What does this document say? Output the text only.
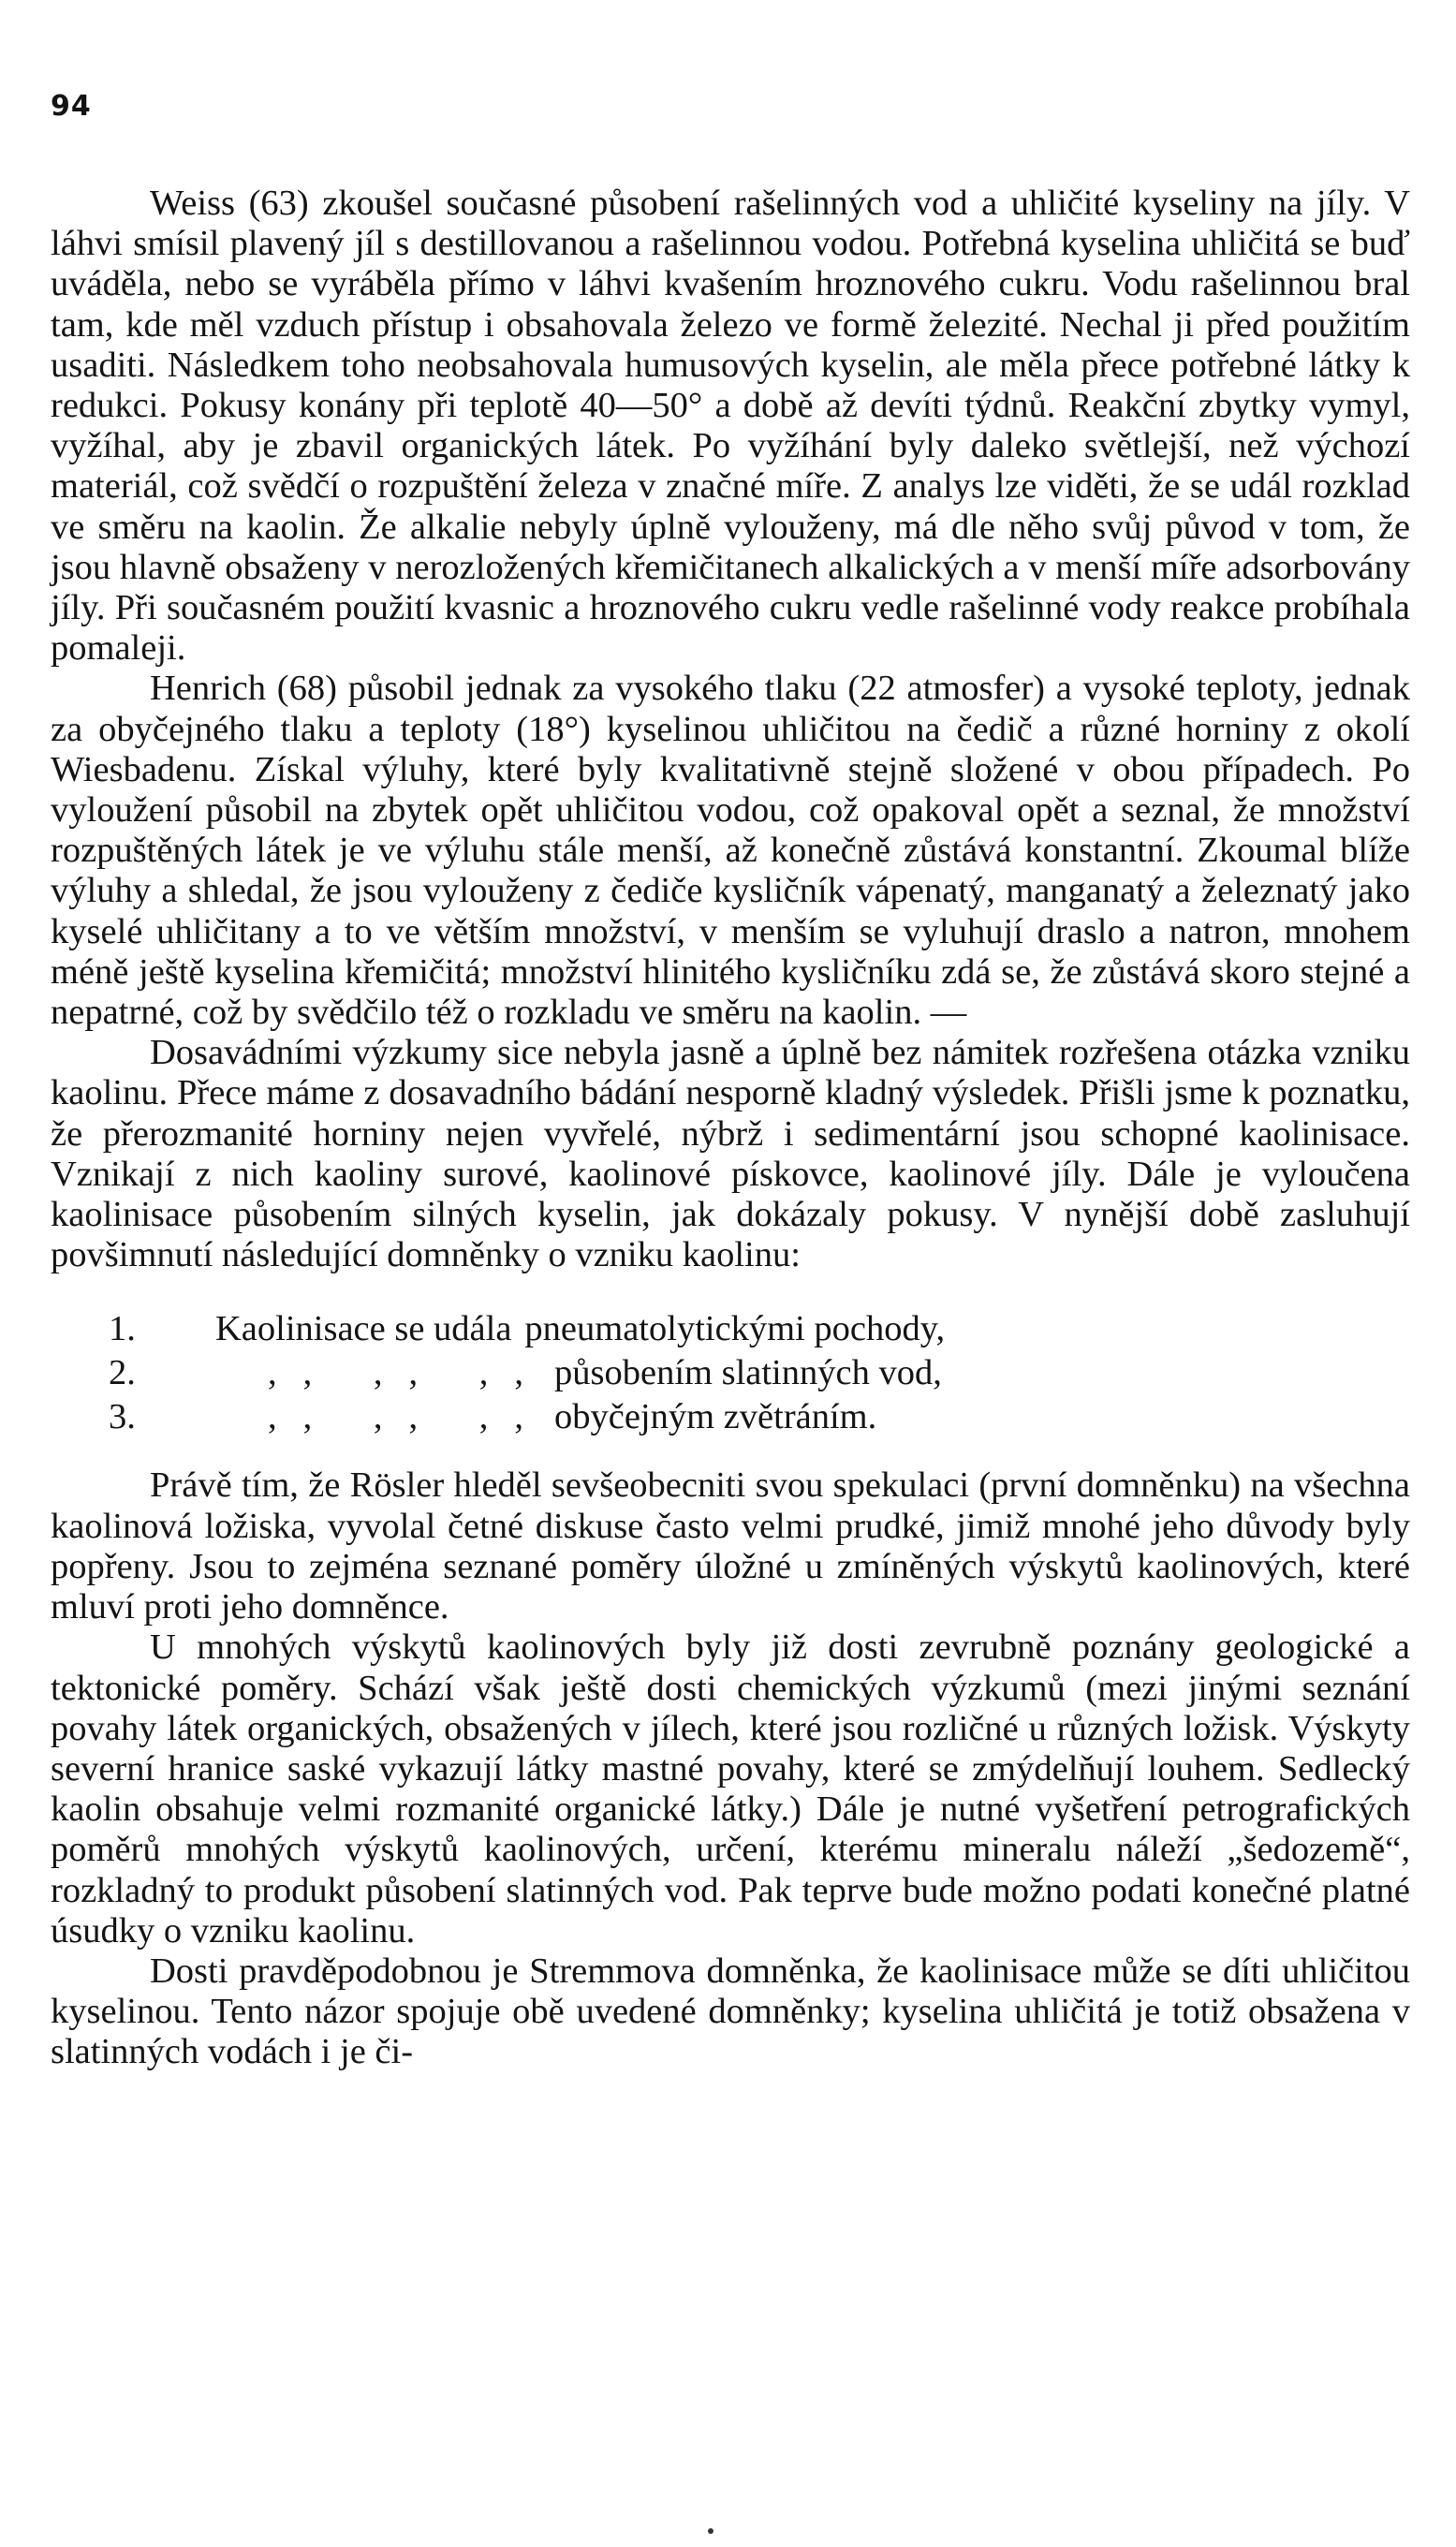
94

Weiss (63) zkoušel současné působení rašelinných vod a uhličité kyseliny na jíly. V láhvi smísil plavený jíl s destillovanou a rašelinnou vodou. Potřebná kyselina uhličitá se buď uváděla, nebo se vyráběla přímo v láhvi kvašením hroznového cukru. Vodu rašelinnou bral tam, kde měl vzduch přístup i obsahovala železo ve formě železité. Nechal ji před použitím usaditi. Následkem toho neobsahovala humusových kyselin, ale měla přece potřebné látky k redukci. Pokusy konány při teplotě 40—50° a době až devíti týdnů. Reakční zbytky vymyl, vyžíhal, aby je zbavil organických látek. Po vyžíhání byly daleko světlejší, než výchozí materiál, což svědčí o rozpuštění železa v značné míře. Z analys lze viděti, že se udál rozklad ve směru na kaolin. Že alkalie nebyly úplně vylouženy, má dle něho svůj původ v tom, že jsou hlavně obsaženy v nerozložených křemičitanech alkalických a v menší míře adsorbovány jíly. Při současném použití kvasnic a hroznového cukru vedle rašelinné vody reakce probíhala pomaleji.

Henrich (68) působil jednak za vysokého tlaku (22 atmosfer) a vysoké teploty, jednak za obyčejného tlaku a teploty (18°) kyselinou uhličitou na čedič a různé horniny z okolí Wiesbadenu. Získal výluhy, které byly kvalitativně stejně složené v obou případech. Po vyloužení působil na zbytek opět uhličitou vodou, což opakoval opět a seznal, že množství rozpuštěných látek je ve výluhu stále menší, až konečně zůstává konstantní. Zkoumal blíže výluhy a shledal, že jsou vylouženy z čediče kysličník vápenatý, manganatý a železnatý jako kyselé uhličitany a to ve větším množství, v menším se vyluhují draslo a natron, mnohem méně ještě kyselina křemičitá; množství hlinitého kysličníku zdá se, že zůstává skoro stejné a nepatrné, což by svědčilo též o rozkladu ve směru na kaolin. —

Dosavádními výzkumy sice nebyla jasně a úplně bez námitek rozřešena otázka vzniku kaolinu. Přece máme z dosavadního bádání nesporně kladný výsledek. Přišli jsme k poznatku, že přerozmanité horniny nejen vyvřelé, nýbrž i sedimentární jsou schopné kaolinisace. Vznikají z nich kaoliny surové, kaolinové pískovce, kaolinové jíly. Dále je vyloučena kaolinisace působením silných kyselin, jak dokázaly pokusy. V nynější době zasluhují povšimnutí následující domněnky o vzniku kaolinu:

1.	Kaolinisace se udála pneumatolytickými pochody,
2.	,, ,, ,, působením slatinných vod,
3.	,, ,, ,, obyčejným zvětráním.

Právě tím, že Rösler hleděl sevšeobecniti svou spekulaci (první domněnku) na všechna kaolinová ložiska, vyvolal četné diskuse často velmi prudké, jimiž mnohé jeho důvody byly popřeny. Jsou to zejména seznané poměry úložné u zmíněných výskytů kaolinových, které mluví proti jeho domněnce.

U mnohých výskytů kaolinových byly již dosti zevrubně poznány geologické a tektonické poměry. Schází však ještě dosti chemických výzkumů (mezi jinými seznání povahy látek organických, obsažených v jílech, které jsou rozličné u různých ložisk. Výskyty severní hranice saské vykazují látky mastné povahy, které se zmýdelňují louhem. Sedlecký kaolin obsahuje velmi rozmanité organické látky.) Dále je nutné vyšetření petrografických poměrů mnohých výskytů kaolinových, určení, kterému mineralu náleží „šedozemě“, rozkladný to produkt působení slatinných vod. Pak teprve bude možno podati konečné platné úsudky o vzniku kaolinu.

Dosti pravděpodobnou je Stremmova domněnka, že kaolinisace může se díti uhličitou kyselinou. Tento názor spojuje obě uvedené domněnky; kyselina uhličitá je totiž obsažena v slatinných vodách i je či-
